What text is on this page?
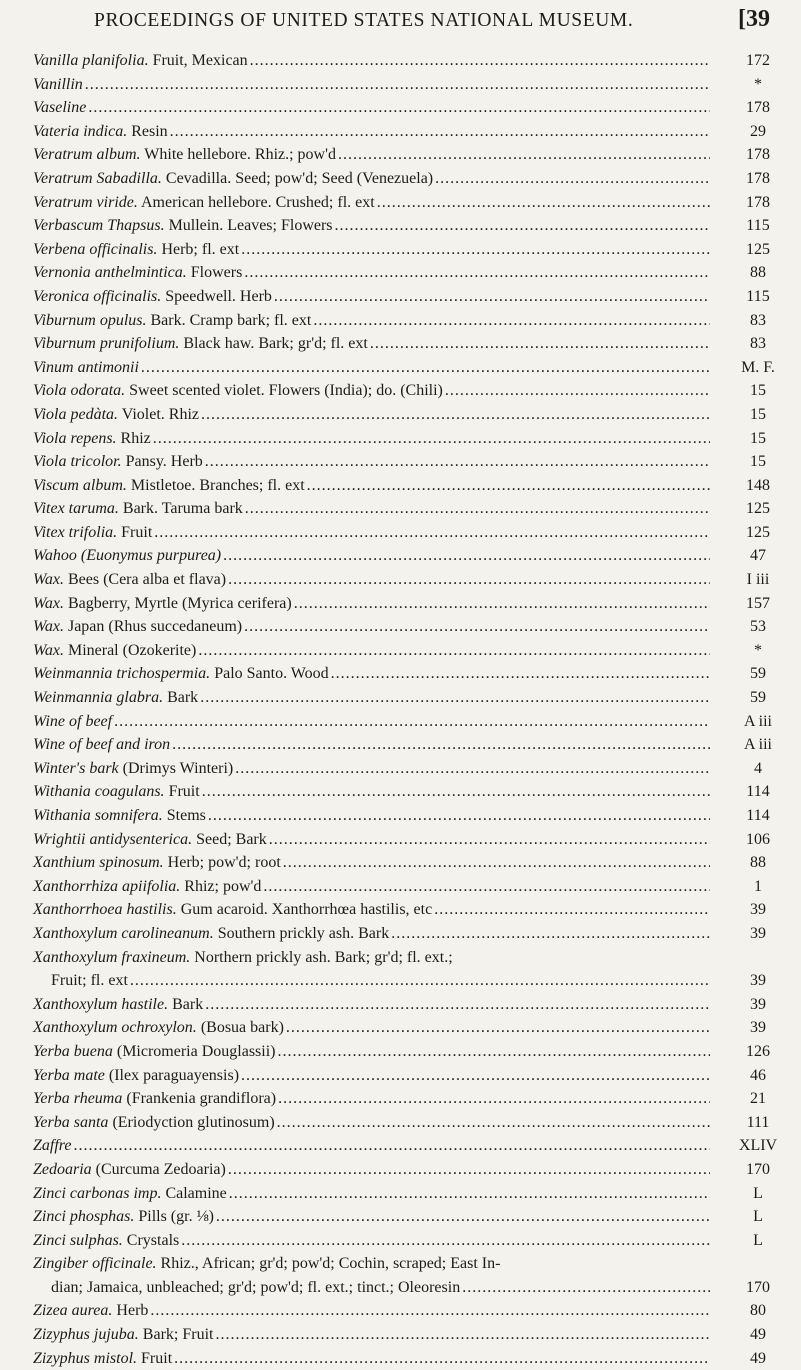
PROCEEDINGS OF UNITED STATES NATIONAL MUSEUM.	[39
Vanilla planifolia. Fruit, Mexican .....	172
Vanillin .....	*
Vaseline .....	178
Vateria indica. Resin .....	29
Veratrum album. White hellebore. Rhiz.; pow'd .....	178
Veratrum Sabadilla. Cevadilla. Seed; pow'd; Seed (Venezuela) .....	178
Veratrum viride. American hellebore. Crushed; fl. ext .....	178
Verbascum Thapsus. Mullein. Leaves; Flowers .....	115
Verbena officinalis. Herb; fl. ext .....	125
Vernonia anthelmintica. Flowers .....	88
Veronica officinalis. Speedwell. Herb .....	115
Viburnum opulus. Bark. Cramp bark; fl. ext .....	83
Viburnum prunifolium. Black haw. Bark; gr'd; fl. ext .....	83
Vinum antimonii .....	M. F.
Viola odorata. Sweet scented violet. Flowers (India); do. (Chili) .....	15
Viola pedàta. Violet. Rhiz .....	15
Viola repens. Rhiz .....	15
Viola tricolor. Pansy. Herb .....	15
Viscum album. Mistletoe. Branches; fl. ext .....	148
Vitex taruma. Bark. Taruma bark .....	125
Vitex trifolia. Fruit .....	125
Wahoo (Euonymus purpurea) .....	47
Wax. Bees (Cera alba et flava) .....	I iii
Wax. Bagberry, Myrtle (Myrica cerifera) .....	157
Wax. Japan (Rhus succedaneum) .....	53
Wax. Mineral (Ozokerite) .....	*
Weinmannia trichospermia. Palo Santo. Wood .....	59
Weinmannia glabra. Bark .....	59
Wine of beef .....	A iii
Wine of beef and iron .....	A iii
Winter's bark (Drimys Winteri) .....	4
Withania coagulans. Fruit .....	114
Withania somnifera. Stems .....	114
Wrightii antidysenterica. Seed; Bark .....	106
Xanthium spinosum. Herb; pow'd; root .....	88
Xanthorrhiza apiifolia. Rhiz; pow'd .....	1
Xanthorrhoea hastilis. Gum acaroid. Xanthorrhœa hastilis, etc .....	39
Xanthoxylum carolineanum. Southern prickly ash. Bark .....	39
Xanthoxylum fraxineum. Northern prickly ash. Bark; gr'd; fl. ext.;
Fruit; fl. ext .....	39
Xanthoxylum hastile. Bark .....	39
Xanthoxylum ochroxylon. (Bosua bark) .....	39
Yerba buena (Micromeria Douglassii) .....	126
Yerba mate (Ilex paraguayensis) .....	46
Yerba rheuma (Frankenia grandiflora) .....	21
Yerba santa (Eriodyction glutinosum) .....	111
Zaffre .....	XLIV
Zedoaria (Curcuma Zedoaria) .....	170
Zinci carbonas imp. Calamine .....	L
Zinci phosphas. Pills (gr. ⅛) .....	L
Zinci sulphas. Crystals .....	L
Zingiber officinale. Rhiz., African; gr'd; pow'd; Cochin, scraped; East In-
dian; Jamaica, unbleached; gr'd; pow'd; fl. ext.; tinct.; Oleoresin .....	170
Zizea aurea. Herb .....	80
Zizyphus jujuba. Bark; Fruit .....	49
Zizyphus mistol. Fruit .....	49
